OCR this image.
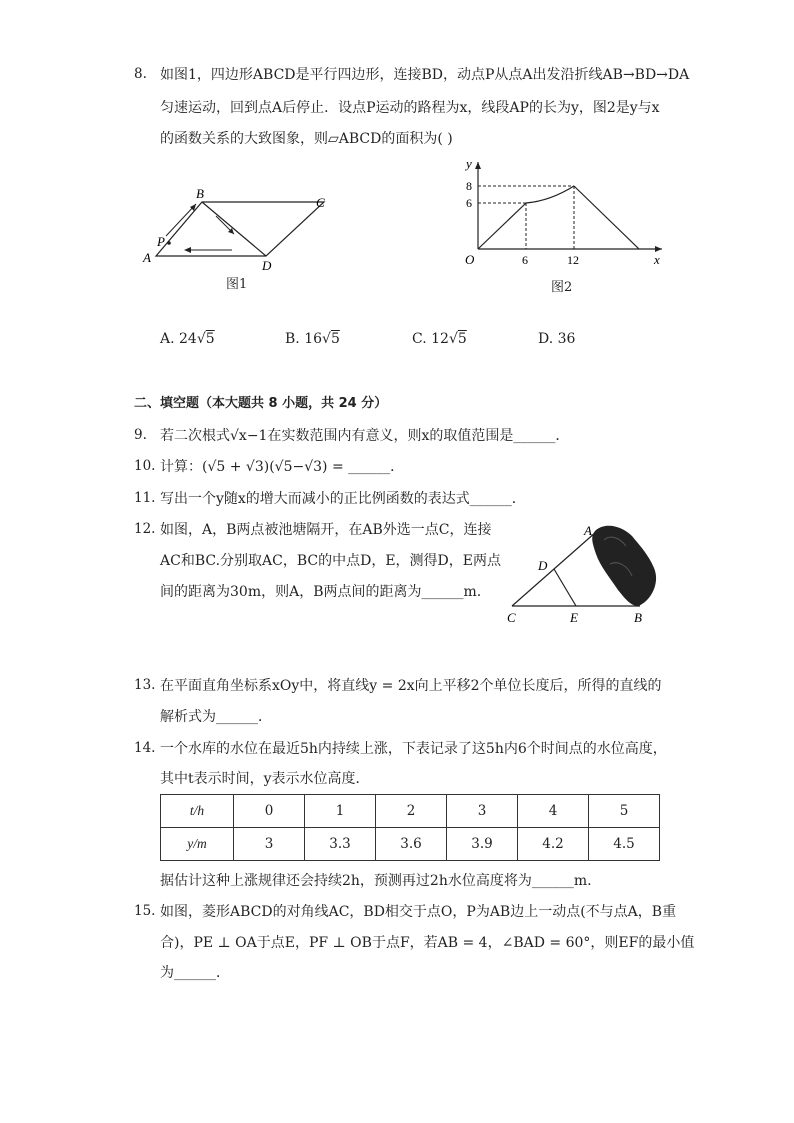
8. 如图1，四边形ABCD是平行四边形，连接BD，动点P从点A出发沿折线AB→BD→DA
匀速运动，回到点A后停止．设点P运动的路程为x，线段AP的长为y，图2是y与x
的函数关系的大致图象，则▱ABCD的面积为( )
A
B
C
D
P
图1
y
x
O	6	12
6
8
图2
A. 24√5	B. 16√5	C. 12√5	D. 36
二、填空题（本大题共 8 小题，共 24 分）
9. 若二次根式√x−1在实数范围内有意义，则x的取值范围是______．
10. 计算：(√5 + √3)(√5−√3) = ______．
11. 写出一个y随x的增大而减小的正比例函数的表达式______．
12. 如图，A，B两点被池塘隔开，在AB外选一点C，连接
AC和BC.分别取AC，BC的中点D，E，测得D，E两点
间的距离为30m，则A，B两点间的距离为______m.
A
D
C	E	B
13. 在平面直角坐标系xOy中，将直线y = 2x向上平移2个单位长度后，所得的直线的
解析式为______．
14. 一个水库的水位在最近5h内持续上涨，下表记录了这5h内6个时间点的水位高度，
其中t表示时间，y表示水位高度．
t/h	0	1	2	3	4	5
y/m	3	3.3	3.6	3.9	4.2	4.5
据估计这种上涨规律还会持续2h，预测再过2h水位高度将为______m.
15. 如图，菱形ABCD的对角线AC，BD相交于点O，P为AB边上一动点(不与点A，B重
合)，PE ⊥ OA于点E，PF ⊥ OB于点F，若AB = 4，∠BAD = 60°，则EF的最小值
为______．
